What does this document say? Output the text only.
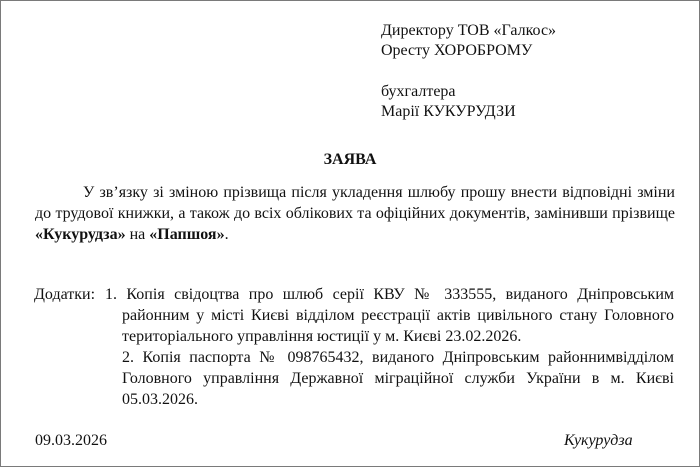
Директору ТОВ «Галкос»
Оресту ХОРОБРОМУ
бухгалтера
Марії КУКУРУДЗИ
ЗАЯВА
У зв’язку зі зміною прізвища після укладення шлюбу прошу внести відповідні зміни до трудової книжки, а також до всіх облікових та офіційних документів, замінивши прізвище «Кукурудза» на «Папшоя».
Додатки: 1. Копія свідоцтва про шлюб серії КВУ № 333555, виданого Дніпровським районним у місті Києві відділом реєстрації актів цивільного стану Головного територіального управління юстиції у м. Києві 23.02.2026.
2. Копія паспорта № 098765432, виданого Дніпровським районнимвідділом Головного управління Державної міграційної служби України в м. Києві 05.03.2026.
09.03.2026	Кукурудза
